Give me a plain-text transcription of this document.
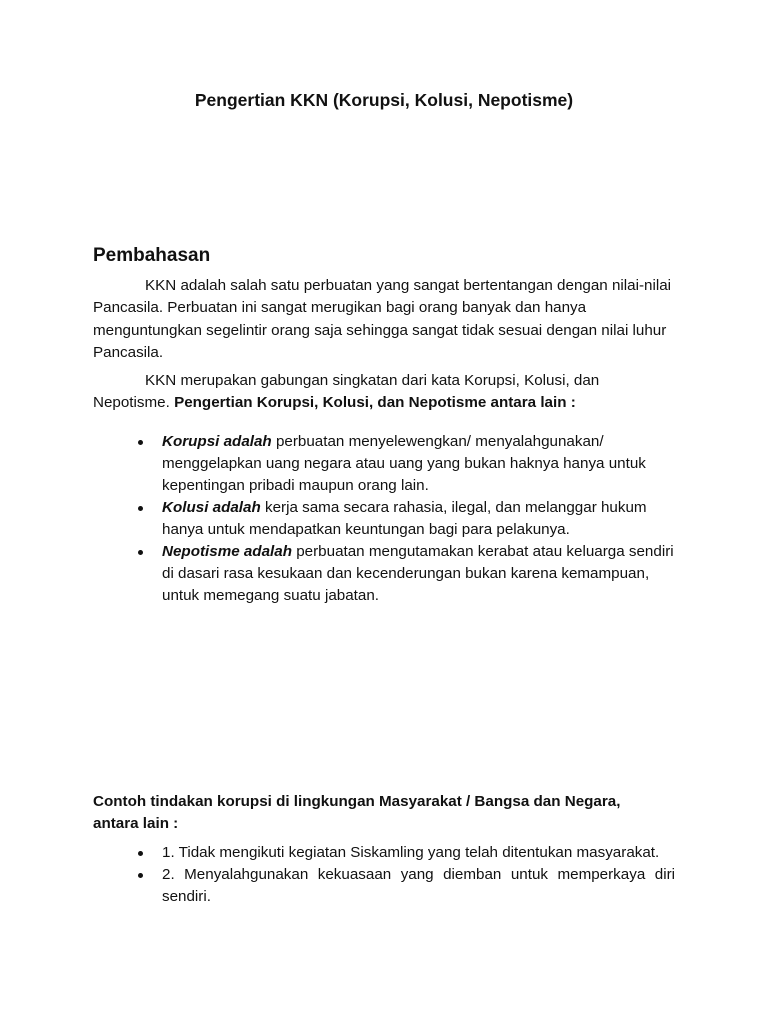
Pengertian KKN (Korupsi, Kolusi, Nepotisme)
Pembahasan

KKN adalah salah satu perbuatan yang sangat bertentangan dengan nilai-nilai Pancasila. Perbuatan ini sangat merugikan bagi orang banyak dan hanya menguntungkan segelintir orang saja sehingga sangat tidak sesuai dengan nilai luhur Pancasila.

KKN merupakan gabungan singkatan dari kata Korupsi, Kolusi, dan Nepotisme. Pengertian Korupsi, Kolusi, dan Nepotisme antara lain :

Korupsi adalah perbuatan menyelewengkan/ menyalahgunakan/ menggelapkan uang negara atau uang yang bukan haknya hanya untuk kepentingan pribadi maupun orang lain.
Kolusi adalah kerja sama secara rahasia, ilegal, dan melanggar hukum hanya untuk mendapatkan keuntungan bagi para pelakunya.
Nepotisme adalah perbuatan mengutamakan kerabat atau keluarga sendiri di dasari rasa kesukaan dan kecenderungan bukan karena kemampuan, untuk memegang suatu jabatan.

Contoh tindakan korupsi di lingkungan Masyarakat / Bangsa dan Negara, antara lain :

1. Tidak mengikuti kegiatan Siskamling yang telah ditentukan masyarakat.
2. Menyalahgunakan kekuasaan yang diemban untuk memperkaya diri sendiri.
